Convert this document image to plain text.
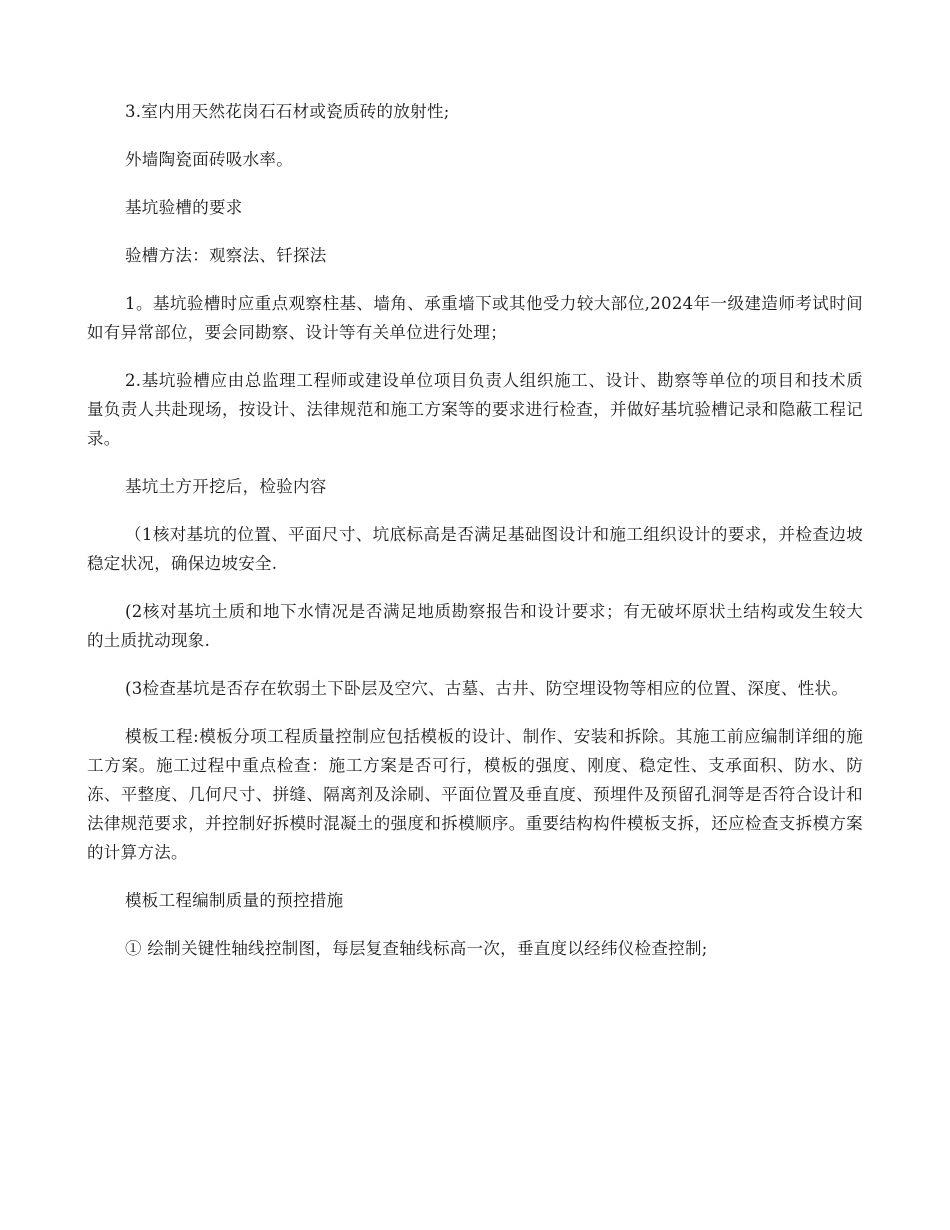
3.室内用天然花岗石石材或瓷质砖的放射性;

外墙陶瓷面砖吸水率。

基坑验槽的要求

验槽方法：观察法、钎探法

1。基坑验槽时应重点观察柱基、墙角、承重墙下或其他受力较大部位,2024年一级建造师考试时间如有异常部位，要会同勘察、设计等有关单位进行处理；

2.基坑验槽应由总监理工程师或建设单位项目负责人组织施工、设计、勘察等单位的项目和技术质量负责人共赴现场，按设计、法律规范和施工方案等的要求进行检查，并做好基坑验槽记录和隐蔽工程记录。

基坑土方开挖后，检验内容

（1核对基坑的位置、平面尺寸、坑底标高是否满足基础图设计和施工组织设计的要求，并检查边坡稳定状况，确保边坡安全.

(2核对基坑土质和地下水情况是否满足地质勘察报告和设计要求；有无破坏原状土结构或发生较大的土质扰动现象.

(3检查基坑是否存在软弱土下卧层及空穴、古墓、古井、防空埋设物等相应的位置、深度、性状。

模板工程:模板分项工程质量控制应包括模板的设计、制作、安装和拆除。其施工前应编制详细的施工方案。施工过程中重点检查：施工方案是否可行，模板的强度、刚度、稳定性、支承面积、防水、防冻、平整度、几何尺寸、拼缝、隔离剂及涂刷、平面位置及垂直度、预埋件及预留孔洞等是否符合设计和法律规范要求，并控制好拆模时混凝土的强度和拆模顺序。重要结构构件模板支拆，还应检查支拆模方案的计算方法。

模板工程编制质量的预控措施

① 绘制关键性轴线控制图，每层复查轴线标高一次，垂直度以经纬仪检查控制;
